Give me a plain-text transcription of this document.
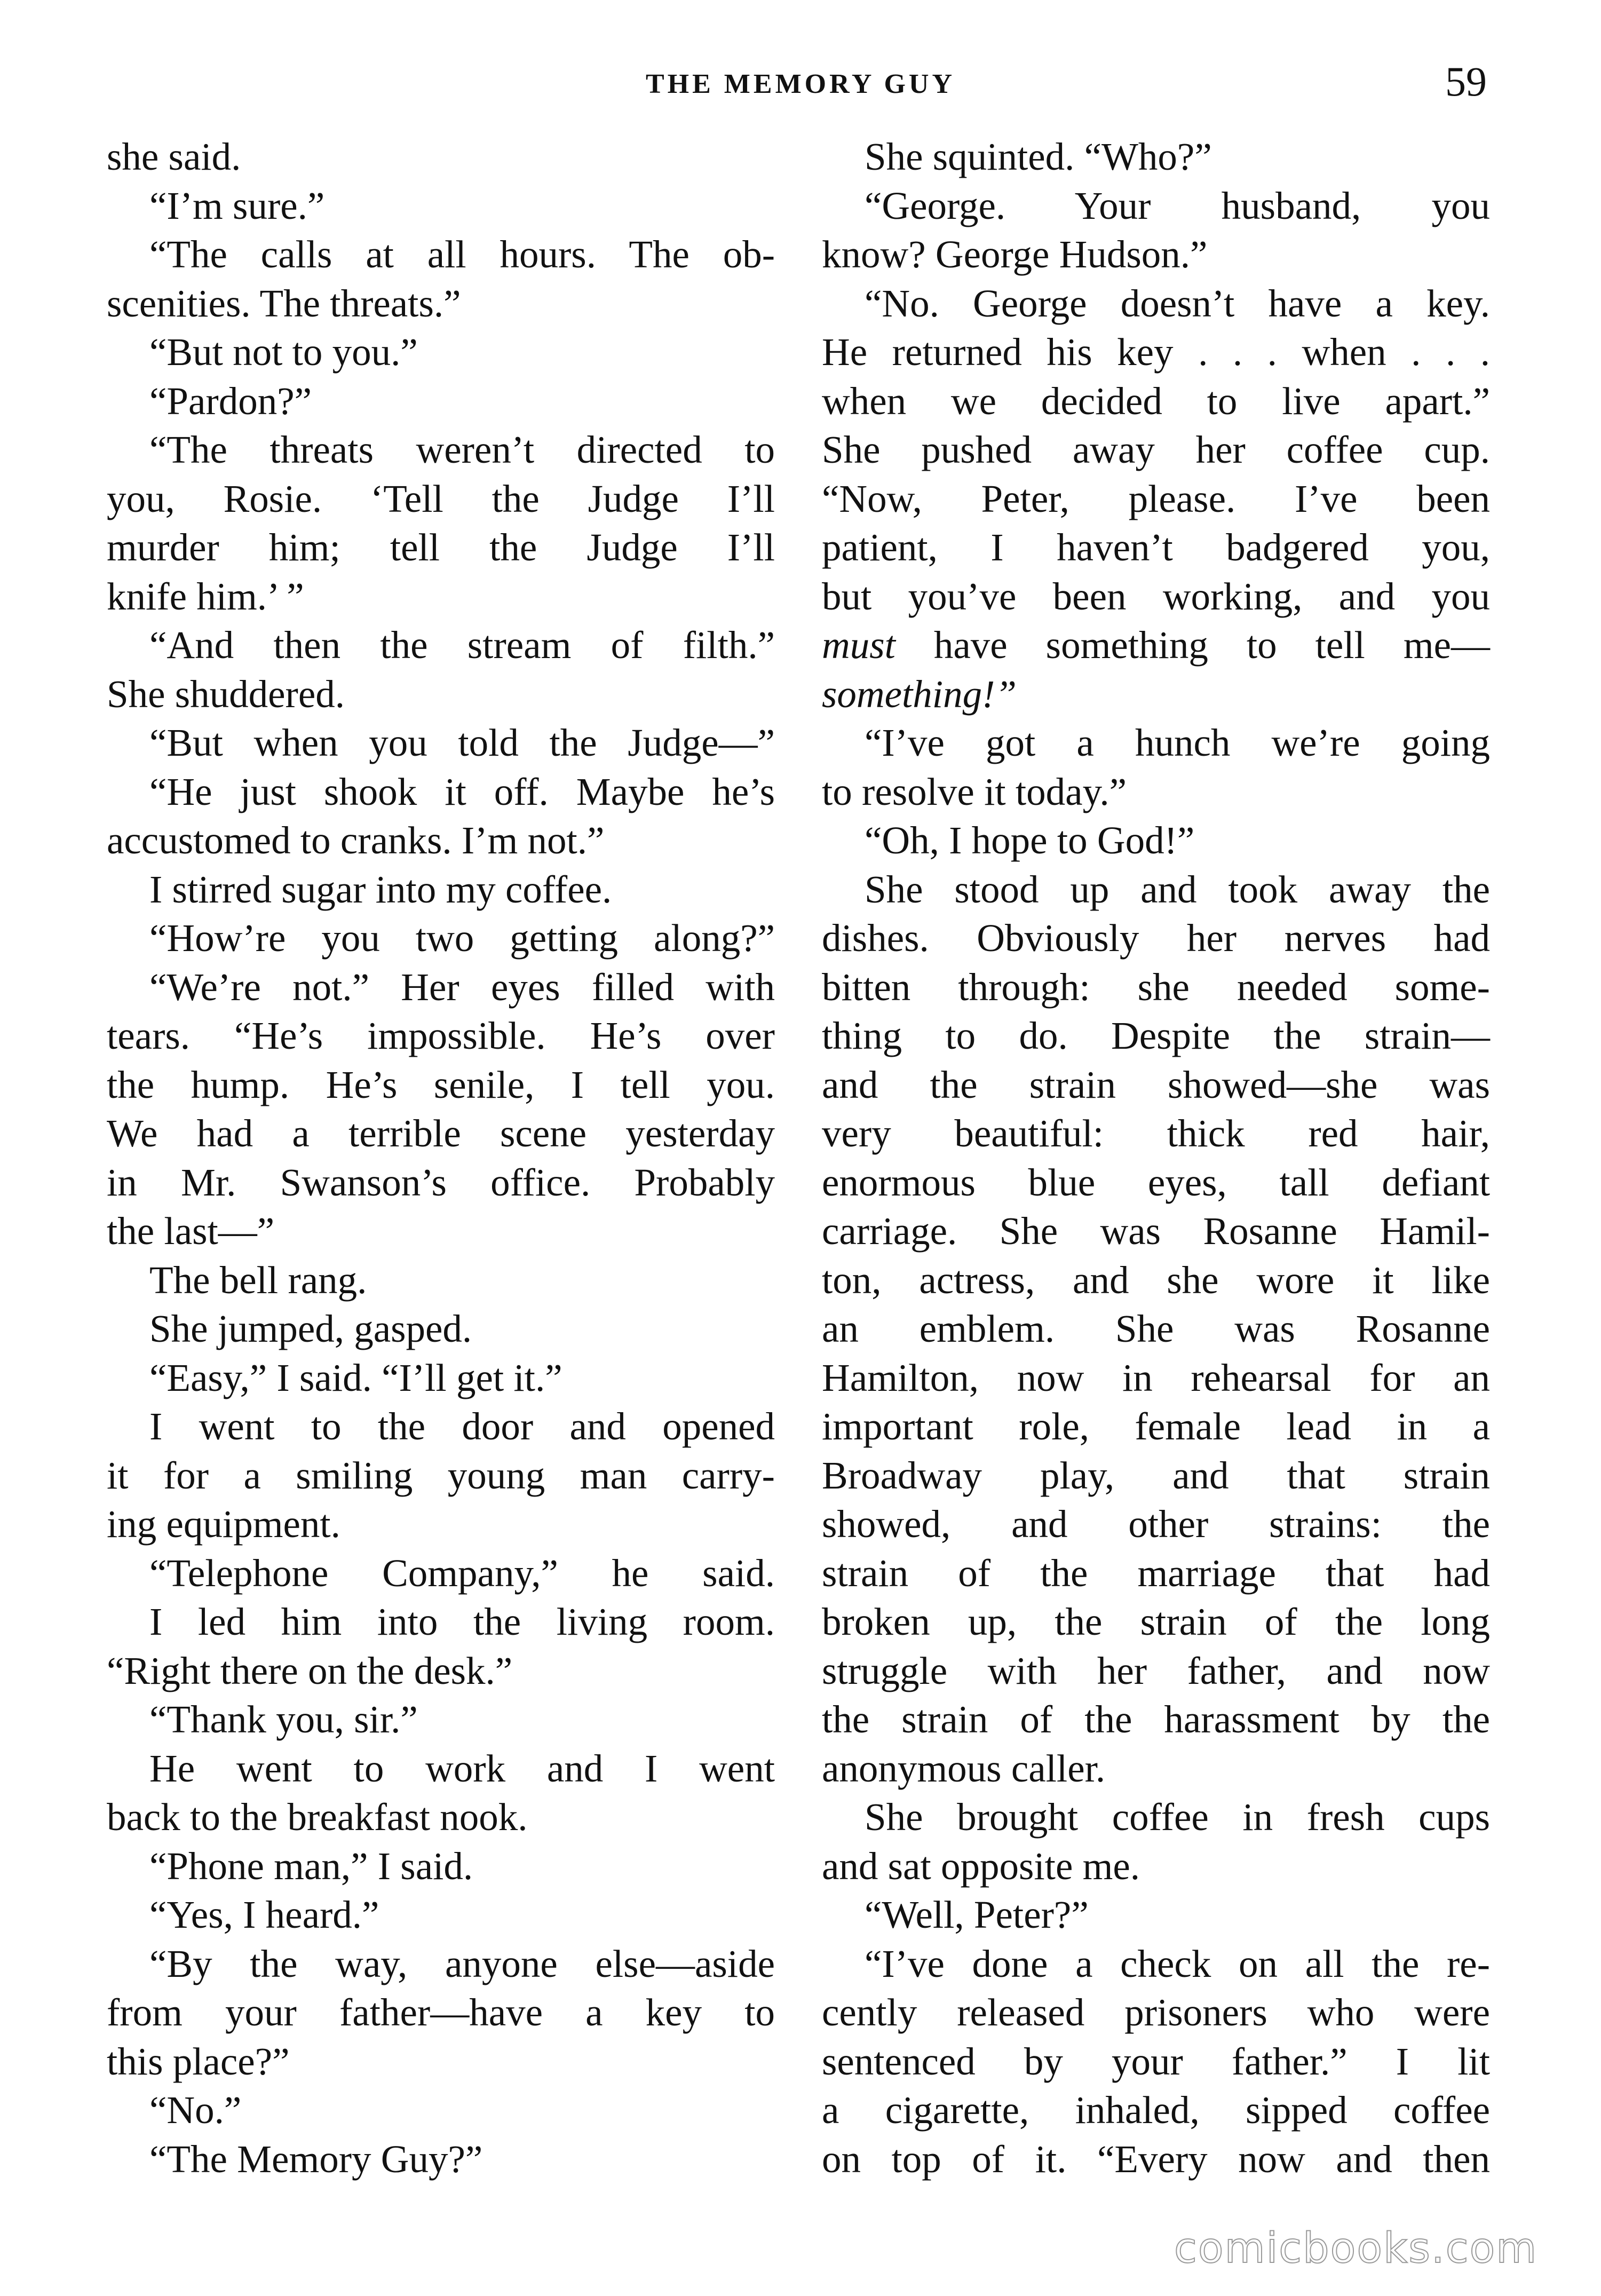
THE MEMORY GUY	59
she said.
“I’m sure.”
“The calls at all hours. The ob-
scenities. The threats.”
“But not to you.”
“Pardon?”
“The threats weren’t directed to
you, Rosie. ‘Tell the Judge I’ll
murder him; tell the Judge I’ll
knife him.’ ”
“And then the stream of filth.”
She shuddered.
“But when you told the Judge—”
“He just shook it off. Maybe he’s
accustomed to cranks. I’m not.”
I stirred sugar into my coffee.
“How’re you two getting along?”
“We’re not.” Her eyes filled with
tears. “He’s impossible. He’s over
the hump. He’s senile, I tell you.
We had a terrible scene yesterday
in Mr. Swanson’s office. Probably
the last—”
The bell rang.
She jumped, gasped.
“Easy,” I said. “I’ll get it.”
I went to the door and opened
it for a smiling young man carry-
ing equipment.
“Telephone Company,” he said.
I led him into the living room.
“Right there on the desk.”
“Thank you, sir.”
He went to work and I went
back to the breakfast nook.
“Phone man,” I said.
“Yes, I heard.”
“By the way, anyone else—aside
from your father—have a key to
this place?”
“No.”
“The Memory Guy?”
She squinted. “Who?”
“George. Your husband, you
know? George Hudson.”
“No. George doesn’t have a key.
He returned his key . . . when . . .
when we decided to live apart.”
She pushed away her coffee cup.
“Now, Peter, please. I’ve been
patient, I haven’t badgered you,
but you’ve been working, and you
must have something to tell me—
something!”
“I’ve got a hunch we’re going
to resolve it today.”
“Oh, I hope to God!”
She stood up and took away the
dishes. Obviously her nerves had
bitten through: she needed some-
thing to do. Despite the strain—
and the strain showed—she was
very beautiful: thick red hair,
enormous blue eyes, tall defiant
carriage. She was Rosanne Hamil-
ton, actress, and she wore it like
an emblem. She was Rosanne
Hamilton, now in rehearsal for an
important role, female lead in a
Broadway play, and that strain
showed, and other strains: the
strain of the marriage that had
broken up, the strain of the long
struggle with her father, and now
the strain of the harassment by the
anonymous caller.
She brought coffee in fresh cups
and sat opposite me.
“Well, Peter?”
“I’ve done a check on all the re-
cently released prisoners who were
sentenced by your father.” I lit
a cigarette, inhaled, sipped coffee
on top of it. “Every now and then
comicbooks.com
